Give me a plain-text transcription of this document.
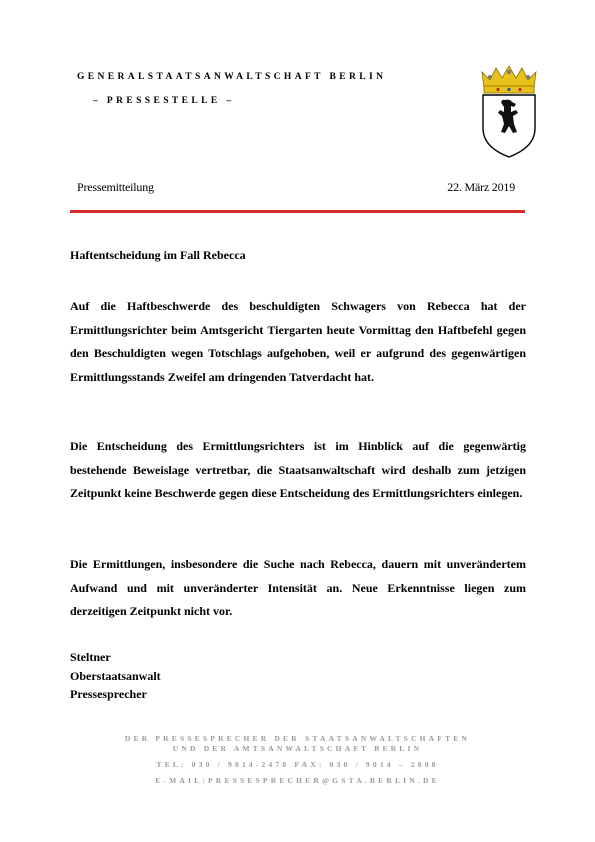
GENERALSTAATSANWALTSCHAFT BERLIN
– PRESSESTELLE –
Pressemitteilung	22. März 2019
Haftentscheidung im Fall Rebecca

Auf die Haftbeschwerde des beschuldigten Schwagers von Rebecca hat der Ermittlungsrichter beim Amtsgericht Tiergarten heute Vormittag den Haftbefehl gegen den Beschuldigten wegen Totschlags aufgehoben, weil er aufgrund des gegenwärtigen Ermittlungsstands Zweifel am dringenden Tatverdacht hat.

Die Entscheidung des Ermittlungsrichters ist im Hinblick auf die gegenwärtig bestehende Beweislage vertretbar, die Staatsanwaltschaft wird deshalb zum jetzigen Zeitpunkt keine Beschwerde gegen diese Entscheidung des Ermittlungsrichters einlegen.

Die Ermittlungen, insbesondere die Suche nach Rebecca, dauern mit unverändertem Aufwand und mit unveränderter Intensität an. Neue Erkenntnisse liegen zum derzeitigen Zeitpunkt nicht vor.

Steltner
Oberstaatsanwalt
Pressesprecher
DER PRESSESPRECHER DER STAATSANWALTSCHAFTEN
UND DER AMTSANWALTSCHAFT BERLIN
TEL: 030 / 9014-2470 FAX: 030 / 9014 – 2008
E-MAIL:PRESSESPRECHER@GSTA.BERLIN.DE
